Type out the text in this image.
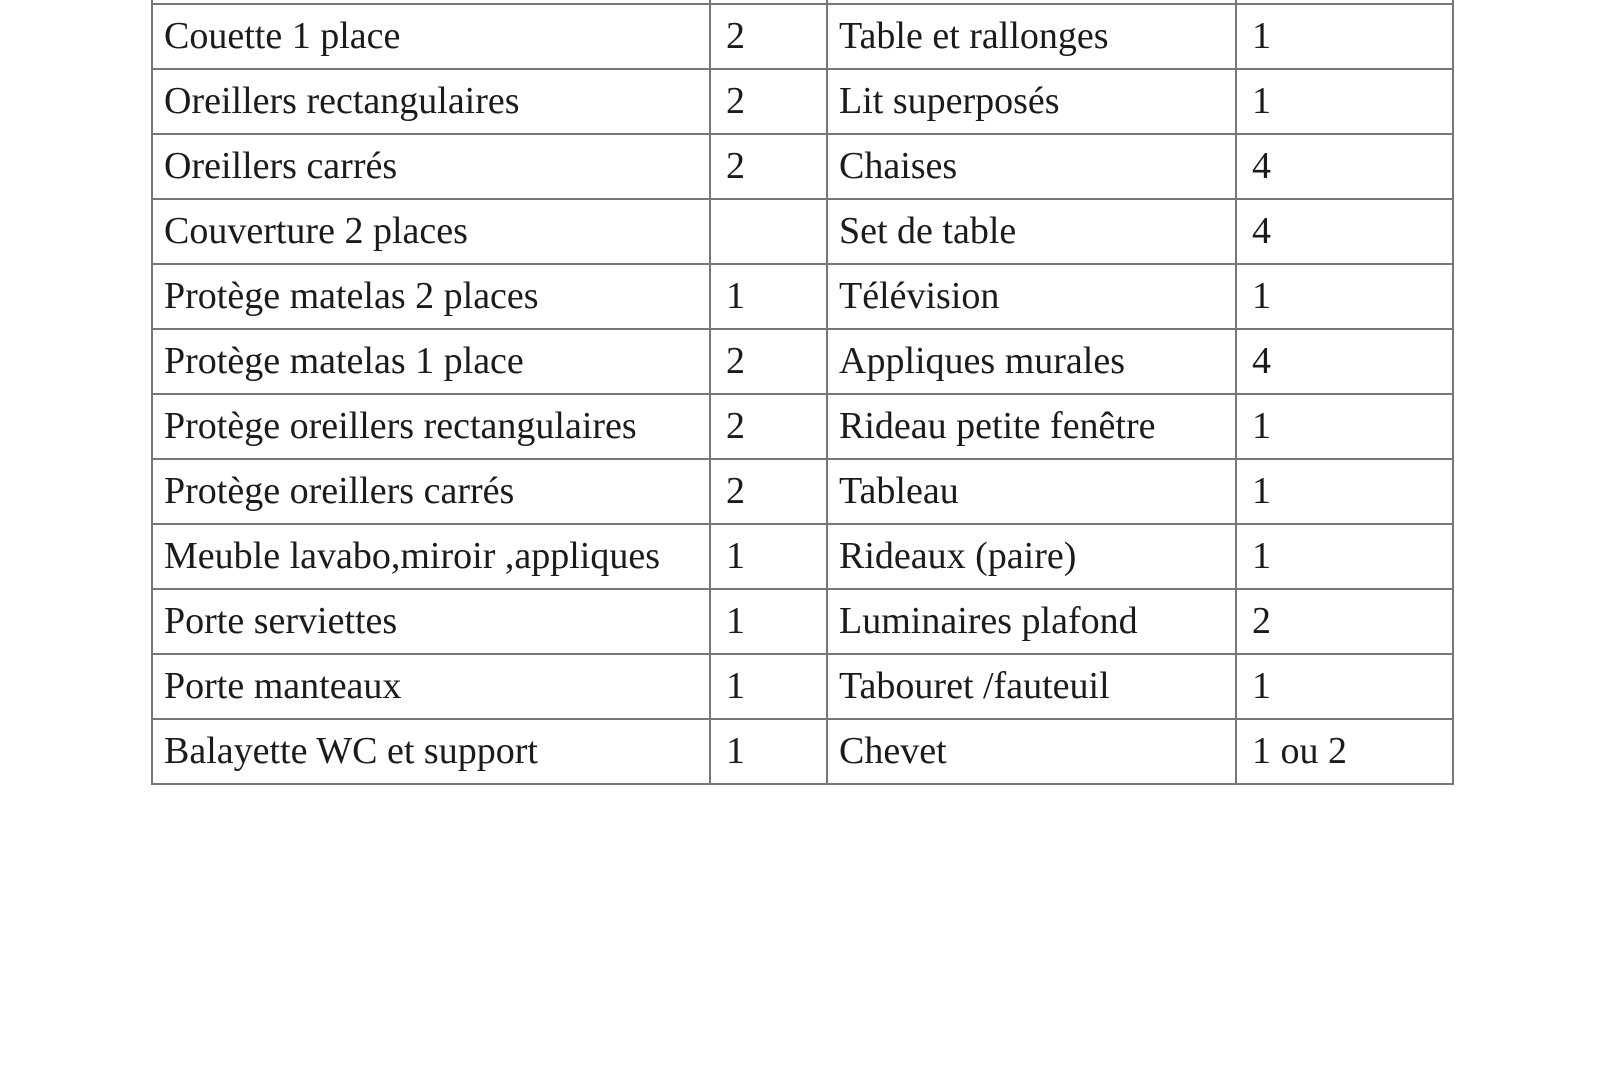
Couette 1 place	2	Table et rallonges	1
Oreillers rectangulaires	2	Lit superposés	1
Oreillers carrés	2	Chaises	4
Couverture 2 places		Set de table	4
Protège matelas 2 places	1	Télévision	1
Protège matelas 1 place	2	Appliques murales	4
Protège oreillers rectangulaires	2	Rideau petite fenêtre	1
Protège oreillers carrés	2	Tableau	1
Meuble lavabo,miroir ,appliques	1	Rideaux (paire)	1
Porte serviettes	1	Luminaires plafond	2
Porte manteaux	1	Tabouret /fauteuil	1
Balayette WC et support	1	Chevet	1 ou 2
